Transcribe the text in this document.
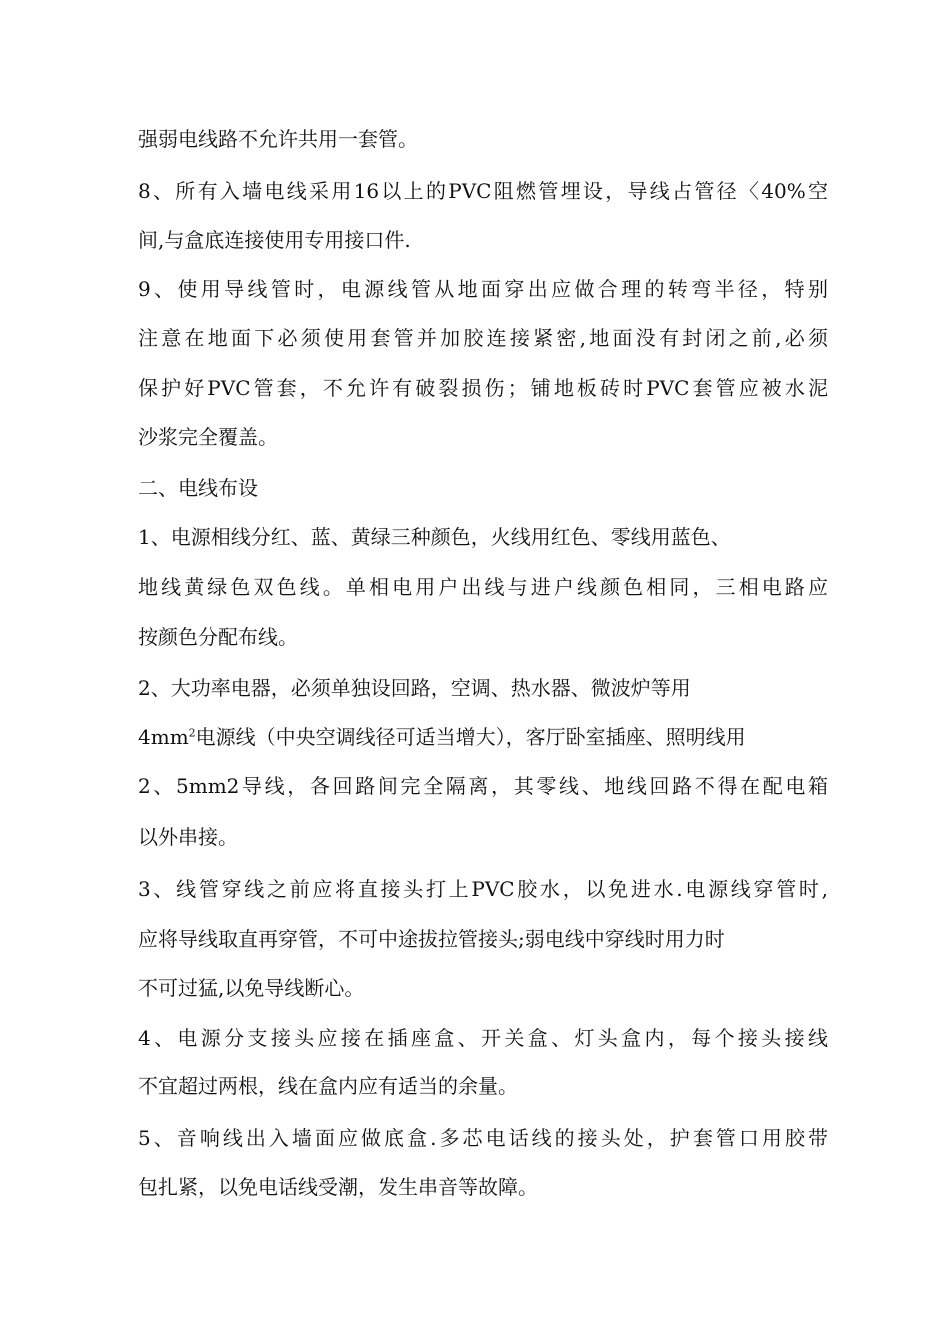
强弱电线路不允许共用一套管。
8、所有入墙电线采用16以上的PVC阻燃管埋设，导线占管径〈40%空
间,与盒底连接使用专用接口件.
9、使用导线管时，电源线管从地面穿出应做合理的转弯半径，特别
注意在地面下必须使用套管并加胶连接紧密,地面没有封闭之前,必须
保护好PVC管套，不允许有破裂损伤；铺地板砖时PVC套管应被水泥
沙浆完全覆盖。
二、电线布设
1、电源相线分红、蓝、黄绿三种颜色，火线用红色、零线用蓝色、
地线黄绿色双色线。单相电用户出线与进户线颜色相同，三相电路应
按颜色分配布线。
2、大功率电器，必须单独设回路，空调、热水器、微波炉等用
$4mm^2$电源线（中央空调线径可适当增大），客厅卧室插座、照明线用
2、5mm2导线，各回路间完全隔离，其零线、地线回路不得在配电箱
以外串接。
3、线管穿线之前应将直接头打上PVC胶水，以免进水.电源线穿管时,
应将导线取直再穿管，不可中途拔拉管接头;弱电线中穿线时用力时
不可过猛,以免导线断心。
4、电源分支接头应接在插座盒、开关盒、灯头盒内，每个接头接线
不宜超过两根，线在盒内应有适当的余量。
5、音响线出入墙面应做底盒.多芯电话线的接头处，护套管口用胶带
包扎紧，以免电话线受潮，发生串音等故障。
